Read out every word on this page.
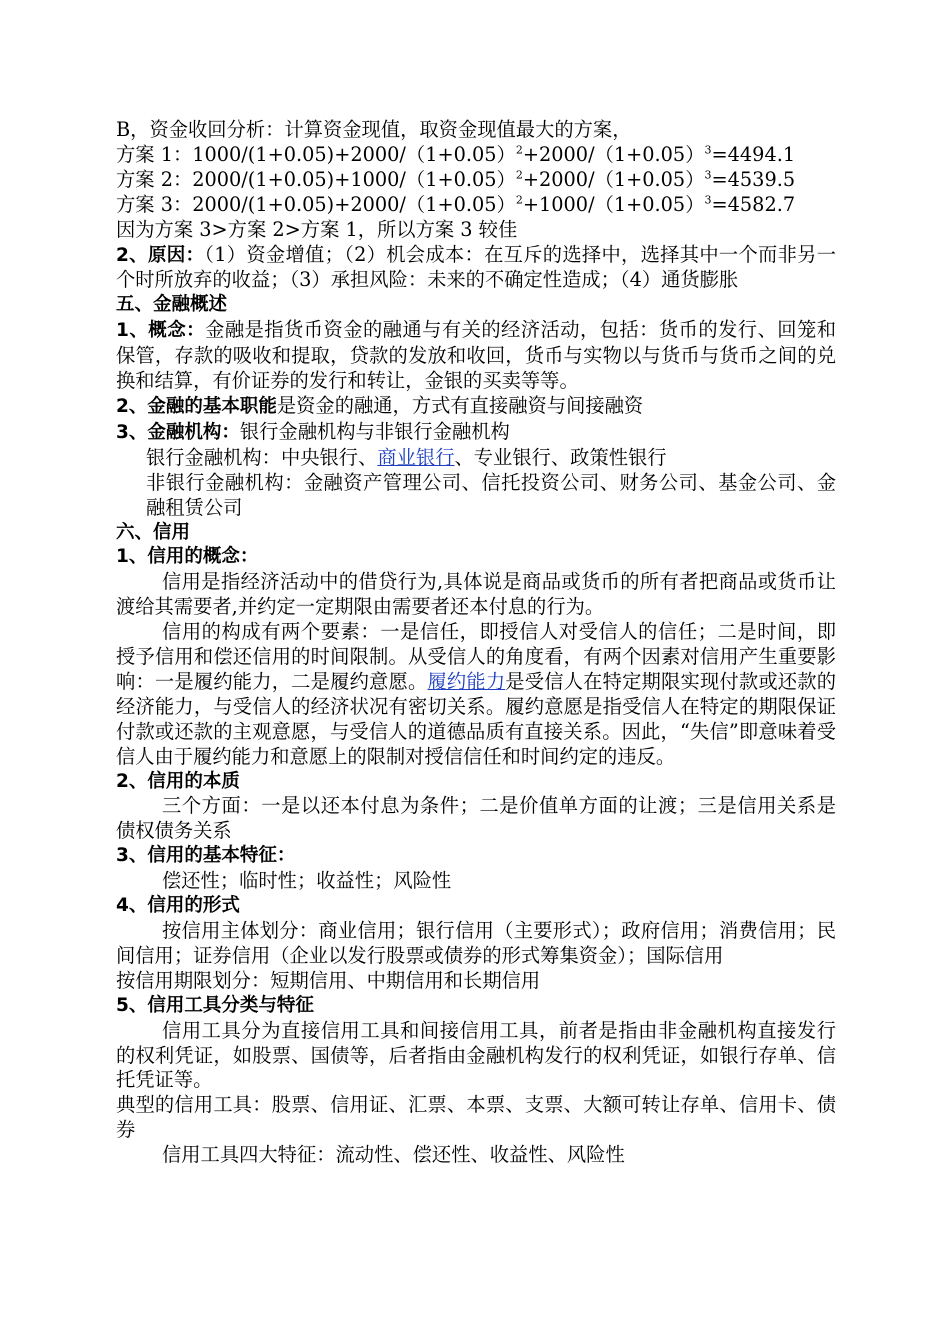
B，资金收回分析：计算资金现值，取资金现值最大的方案，

方案 1：$1000/(1+0.05)+2000/(1+0.05)^2+2000/(1+0.05)^3=4494.1$

方案 2：$2000/(1+0.05)+1000/(1+0.05)^2+2000/(1+0.05)^3=4539.5$

方案 3：$2000/(1+0.05)+2000/(1+0.05)^2+1000/(1+0.05)^3=4582.7$

因为方案 3>方案 2>方案 1，所以方案 3 较佳

2、原因：（1）资金增值；（2）机会成本：在互斥的选择中，选择其中一个而非另一个时所放弃的收益；（3）承担风险：未来的不确定性造成；（4）通货膨胀

五、金融概述

1、概念：金融是指货币资金的融通与有关的经济活动，包括：货币的发行、回笼和保管，存款的吸收和提取，贷款的发放和收回，货币与实物以与货币与货币之间的兑换和结算，有价证券的发行和转让，金银的买卖等等。

2、金融的基本职能是资金的融通，方式有直接融资与间接融资

3、金融机构：银行金融机构与非银行金融机构

银行金融机构：中央银行、商业银行、专业银行、政策性银行

非银行金融机构：金融资产管理公司、信托投资公司、财务公司、基金公司、金融租赁公司

六、信用

1、信用的概念：

信用是指经济活动中的借贷行为,具体说是商品或货币的所有者把商品或货币让渡给其需要者,并约定一定期限由需要者还本付息的行为。

信用的构成有两个要素：一是信任，即授信人对受信人的信任；二是时间，即授予信用和偿还信用的时间限制。从受信人的角度看，有两个因素对信用产生重要影响：一是履约能力，二是履约意愿。履约能力是受信人在特定期限实现付款或还款的经济能力，与受信人的经济状况有密切关系。履约意愿是指受信人在特定的期限保证付款或还款的主观意愿，与受信人的道德品质有直接关系。因此，“失信”即意味着受信人由于履约能力和意愿上的限制对授信信任和时间约定的违反。

2、信用的本质

三个方面：一是以还本付息为条件；二是价值单方面的让渡；三是信用关系是债权债务关系

3、信用的基本特征：

偿还性；临时性；收益性；风险性

4、信用的形式

按信用主体划分：商业信用；银行信用（主要形式）；政府信用；消费信用；民间信用；证券信用（企业以发行股票或债券的形式筹集资金）；国际信用

按信用期限划分：短期信用、中期信用和长期信用

5、信用工具分类与特征

信用工具分为直接信用工具和间接信用工具，前者是指由非金融机构直接发行的权利凭证，如股票、国债等，后者指由金融机构发行的权利凭证，如银行存单、信托凭证等。

典型的信用工具：股票、信用证、汇票、本票、支票、大额可转让存单、信用卡、债券

信用工具四大特征：流动性、偿还性、收益性、风险性
